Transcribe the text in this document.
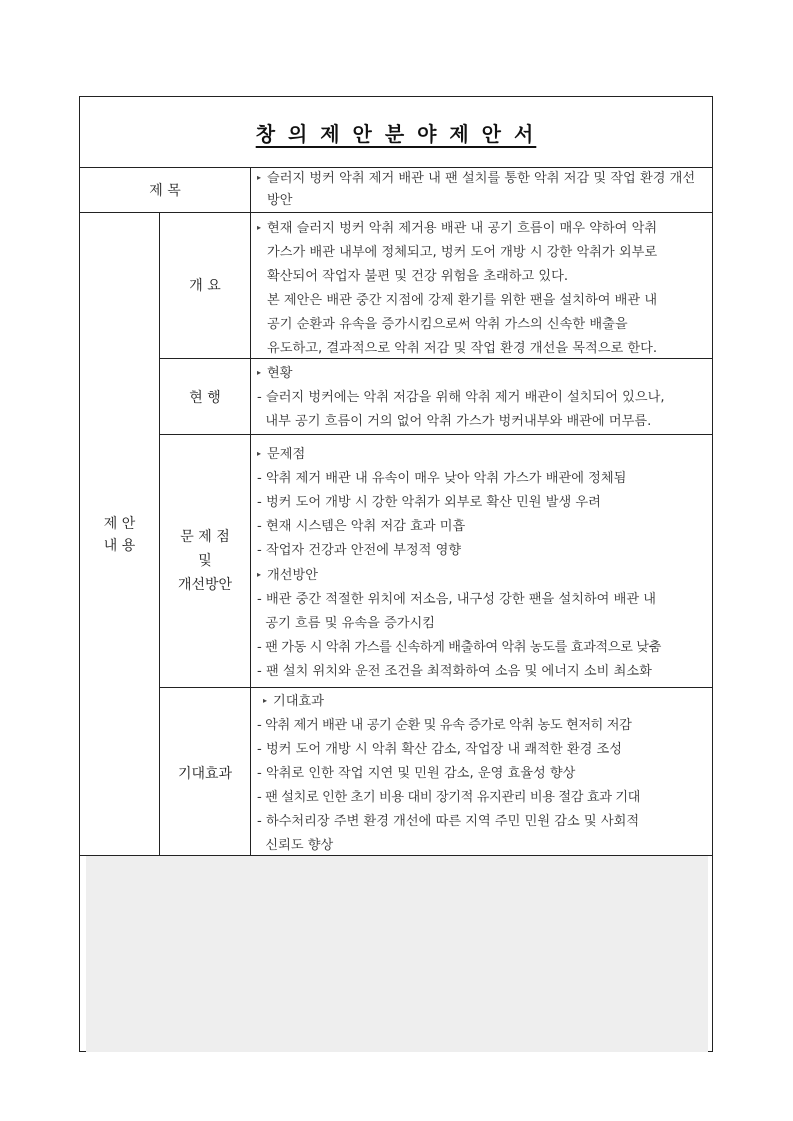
창 의 제 안 분 야 제 안 서
제 목

▸ 슬러지 벙커 악취 제거 배관 내 팬 설치를 통한 악취 저감 및 작업 환경 개선

방안

제 안
내 용
개 요

▸ 현재 슬러지 벙커 악취 제거용 배관 내 공기 흐름이 매우 약하여 악취

가스가 배관 내부에 정체되고, 벙커 도어 개방 시 강한 악취가 외부로

확산되어 작업자 불편 및 건강 위험을 초래하고 있다.

본 제안은 배관 중간 지점에 강제 환기를 위한 팬을 설치하여 배관 내

공기 순환과 유속을 증가시킴으로써 악취 가스의 신속한 배출을

유도하고, 결과적으로 악취 저감 및 작업 환경 개선을 목적으로 한다.

현 행

▸ 현황

- 슬러지 벙커에는 악취 저감을 위해 악취 제거 배관이 설치되어 있으나,

내부 공기 흐름이 거의 없어 악취 가스가 벙커내부와 배관에 머무름.

문 제 점
및
개선방안

▸ 문제점

- 악취 제거 배관 내 유속이 매우 낮아 악취 가스가 배관에 정체됨

- 벙커 도어 개방 시 강한 악취가 외부로 확산 민원 발생 우려

- 현재 시스템은 악취 저감 효과 미흡

- 작업자 건강과 안전에 부정적 영향

▸ 개선방안

- 배관 중간 적절한 위치에 저소음, 내구성 강한 팬을 설치하여 배관 내

공기 흐름 및 유속을 증가시킴

- 팬 가동 시 악취 가스를 신속하게 배출하여 악취 농도를 효과적으로 낮춤

- 팬 설치 위치와 운전 조건을 최적화하여 소음 및 에너지 소비 최소화

기대효과

▸ 기대효과

- 악취 제거 배관 내 공기 순환 및 유속 증가로 악취 농도 현저히 저감

- 벙커 도어 개방 시 악취 확산 감소, 작업장 내 쾌적한 환경 조성

- 악취로 인한 작업 지연 및 민원 감소, 운영 효율성 향상

- 팬 설치로 인한 초기 비용 대비 장기적 유지관리 비용 절감 효과 기대

- 하수처리장 주변 환경 개선에 따른 지역 주민 민원 감소 및 사회적

신뢰도 향상
